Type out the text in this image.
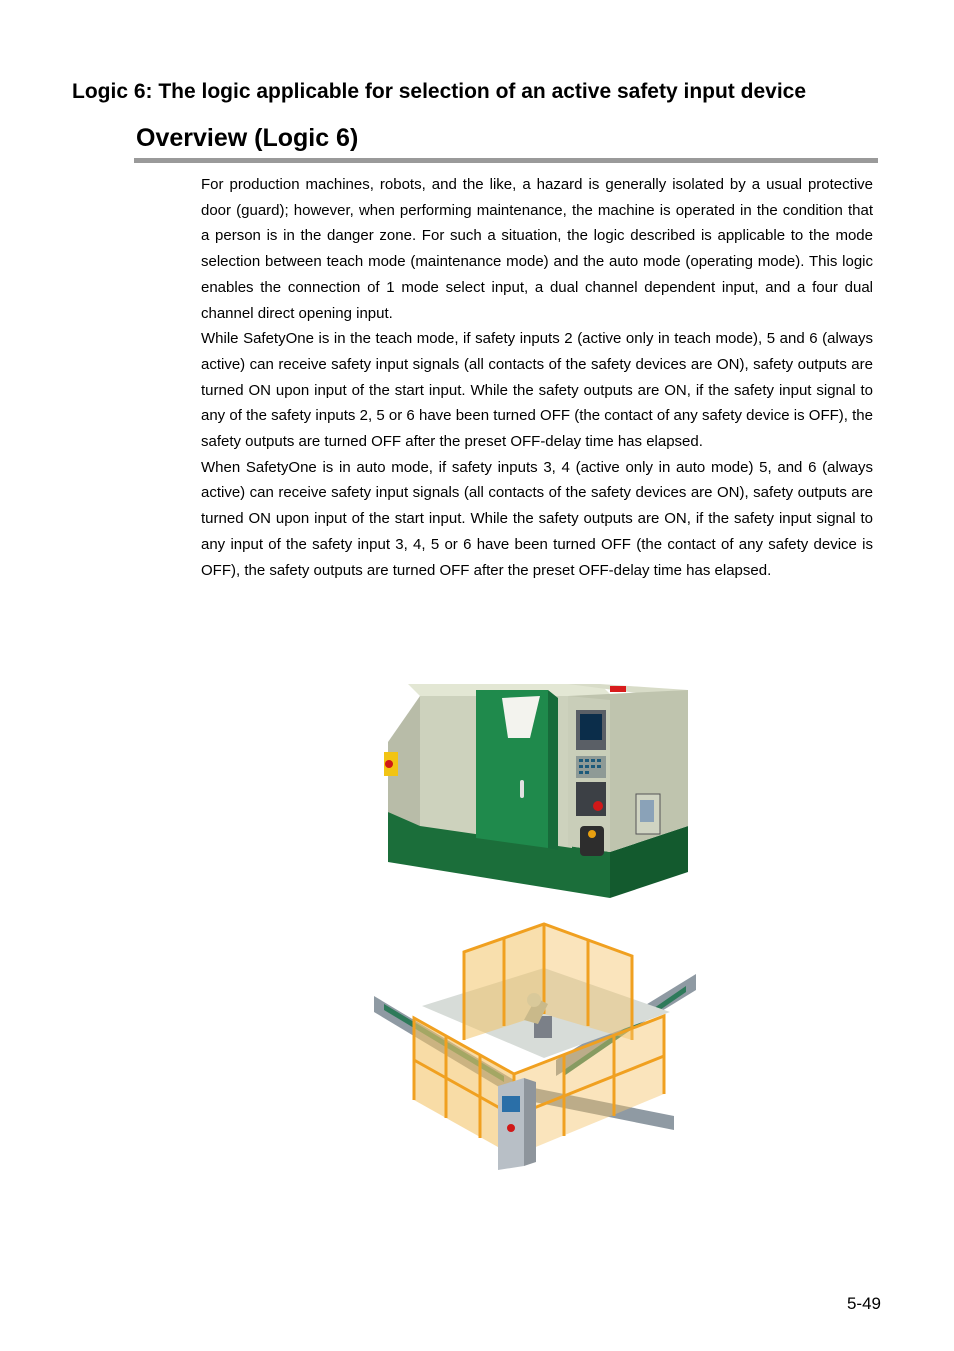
Logic 6: The logic applicable for selection of an active safety input device
Overview (Logic 6)

For production machines, robots, and the like, a hazard is generally isolated by a usual protective door (guard); however, when performing maintenance, the machine is operated in the condition that a person is in the danger zone. For such a situation, the logic described is applicable to the mode selection between teach mode (maintenance mode) and the auto mode (operating mode). This logic enables the connection of 1 mode select input, a dual channel dependent input, and a four dual channel direct opening input.

While SafetyOne is in the teach mode, if safety inputs 2 (active only in teach mode), 5 and 6 (always active) can receive safety input signals (all contacts of the safety devices are ON), safety outputs are turned ON upon input of the start input. While the safety outputs are ON, if the safety input signal to any of the safety inputs 2, 5 or 6 have been turned OFF (the contact of any safety device is OFF), the safety outputs are turned OFF after the preset OFF-delay time has elapsed.

When SafetyOne is in auto mode, if safety inputs 3, 4 (active only in auto mode) 5, and 6 (always active) can receive safety input signals (all contacts of the safety devices are ON), safety outputs are turned ON upon input of the start input. While the safety outputs are ON, if the safety input signal to any input of the safety input 3, 4, 5 or 6 have been turned OFF (the contact of any safety device is OFF), the safety outputs are turned OFF after the preset OFF-delay time has elapsed.

5-49
